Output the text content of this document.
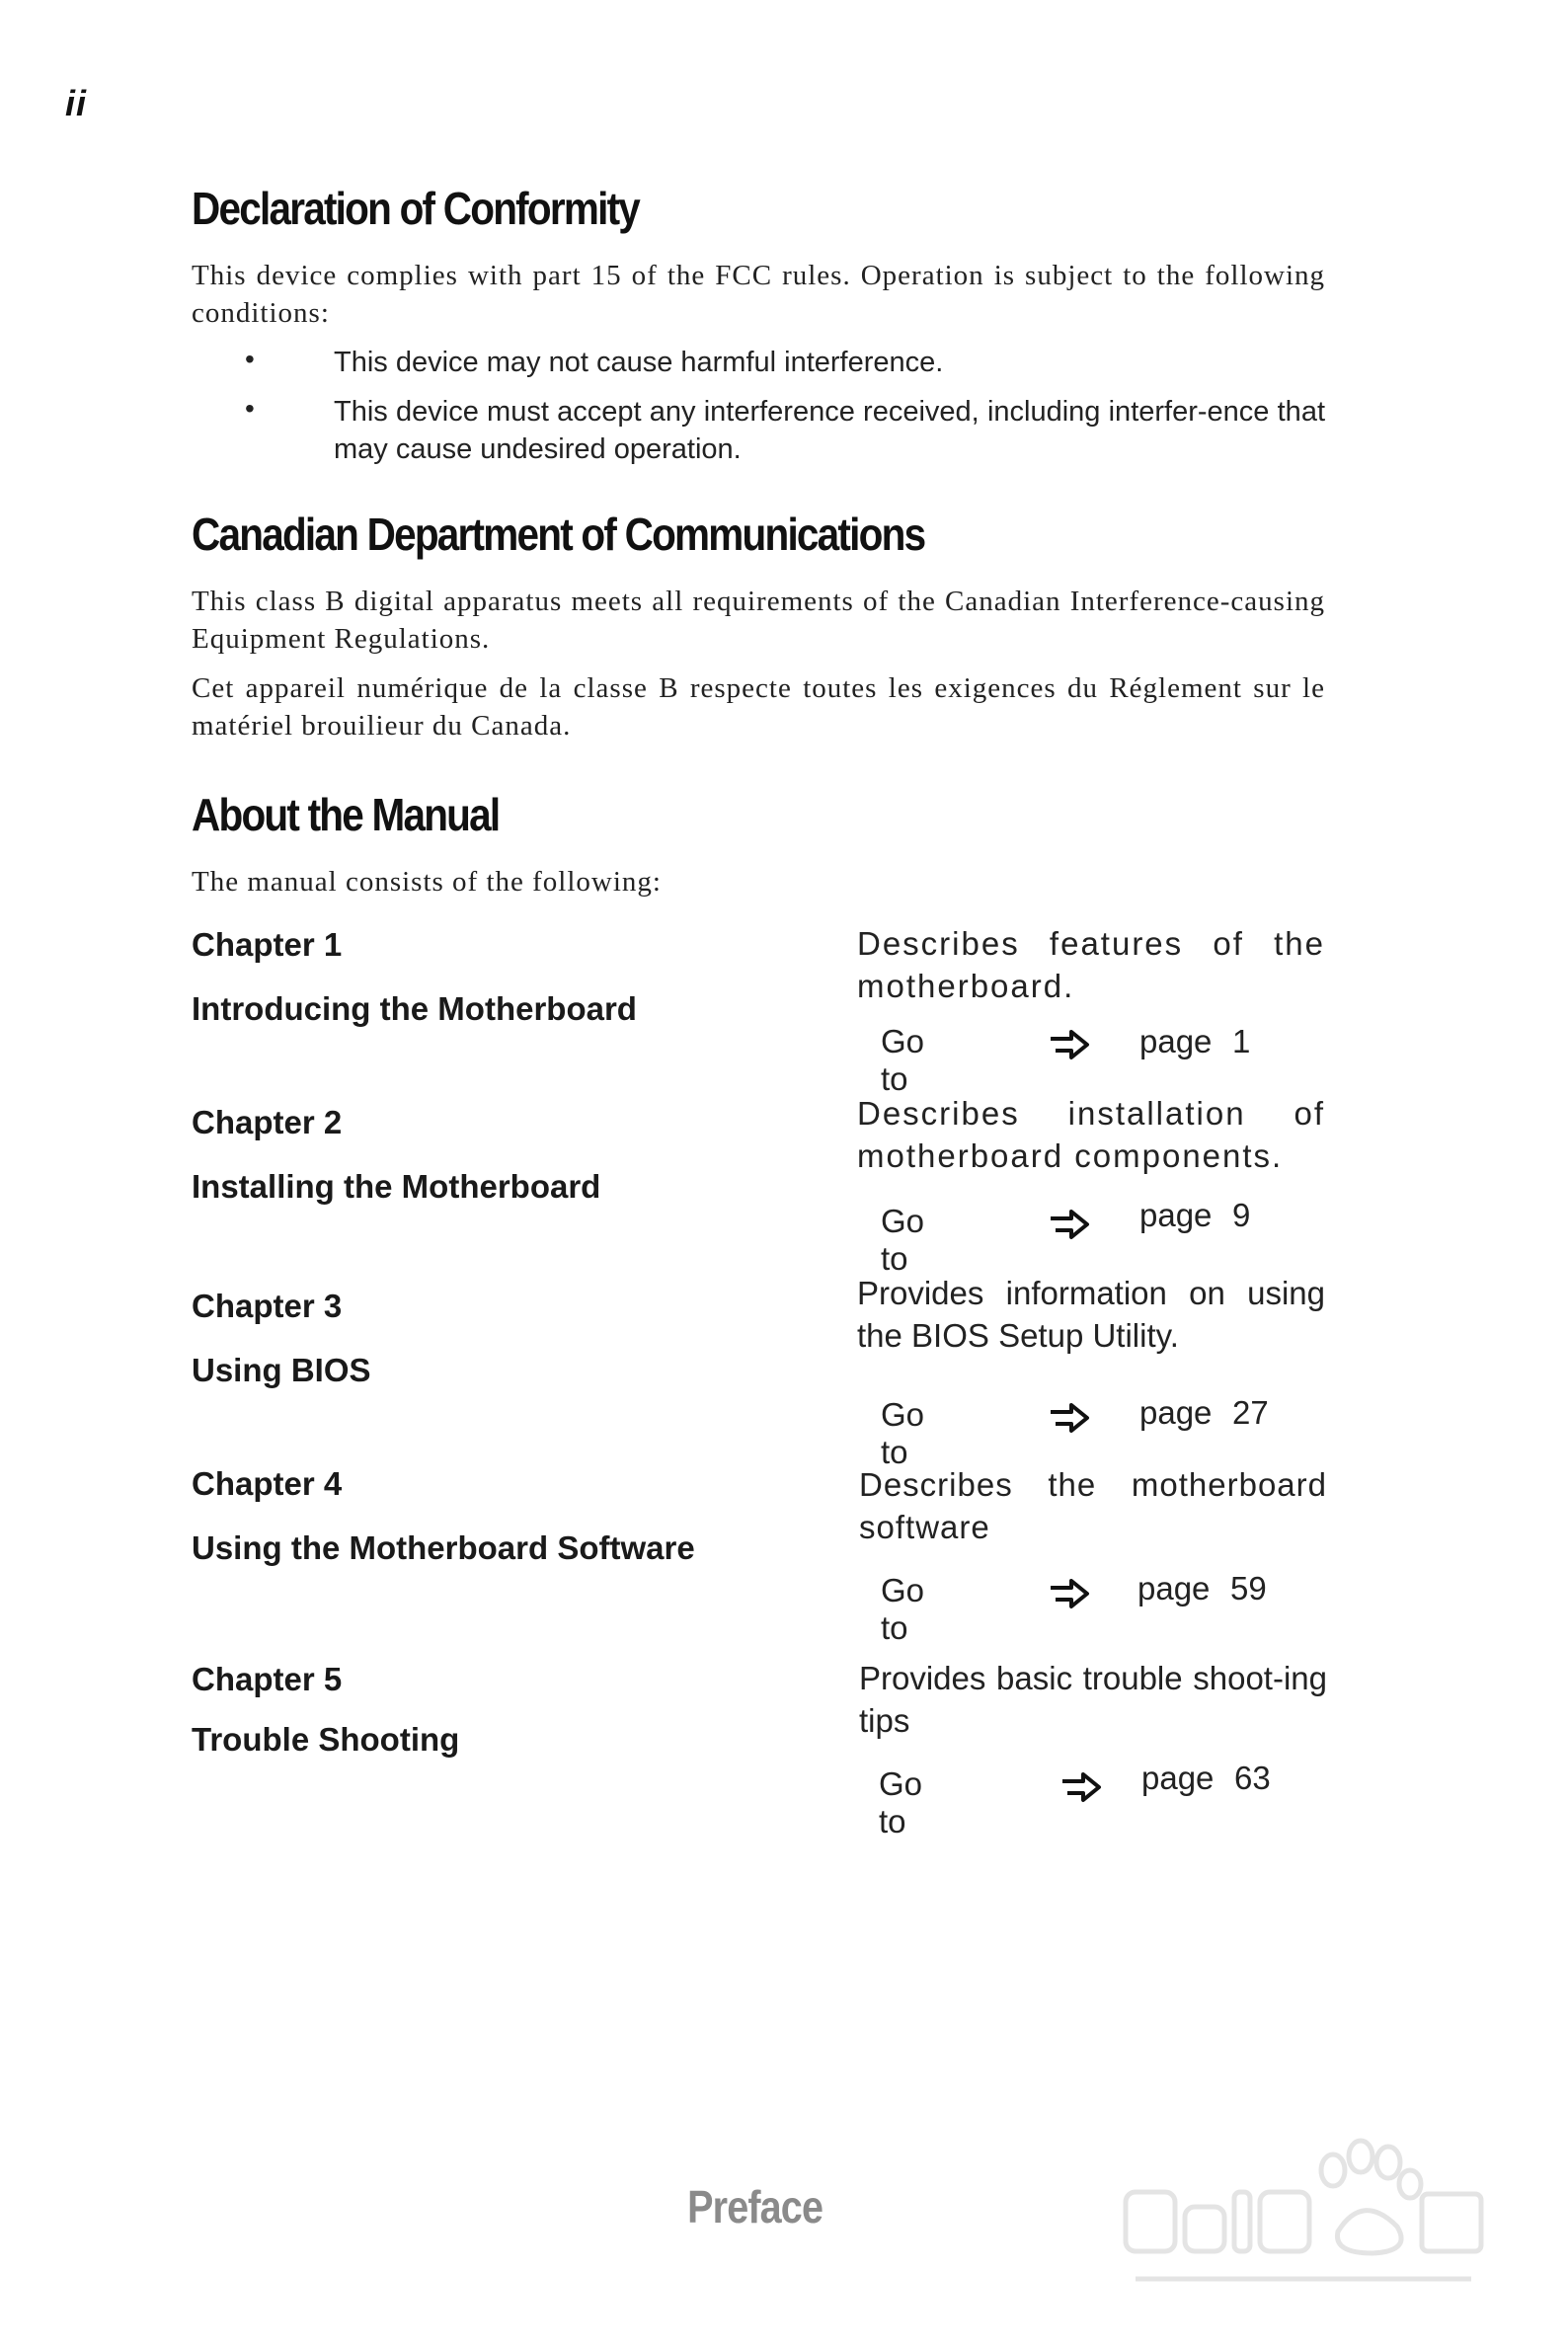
ii
Declaration of Conformity

This device complies with part 15 of the FCC rules. Operation is subject to the following conditions:

•	This device may not cause harmful interference.

•	This device must accept any interference received, including interfer-ence that may cause undesired operation.

Canadian Department of Communications

This class B digital apparatus meets all requirements of the Canadian Interference-causing Equipment Regulations.

Cet appareil numérique de la classe B respecte toutes les exigences du Réglement sur le matériel brouilieur du Canada.

About the Manual

The manual consists of the following:

Chapter 1
Introducing the Motherboard

Describes features of the motherboard.

Go to
page 1
Chapter 2
Installing the Motherboard

Describes installation of motherboard components.

Go to
page 9
Chapter 3
Using BIOS

Provides information on using the BIOS Setup Utility.

Go to
page 27
Chapter 4
Using the Motherboard Software

Describes the motherboard software

Go to
page 59
Chapter 5
Trouble Shooting

Provides basic trouble shoot-ing tips

Go to
page 63
Preface
